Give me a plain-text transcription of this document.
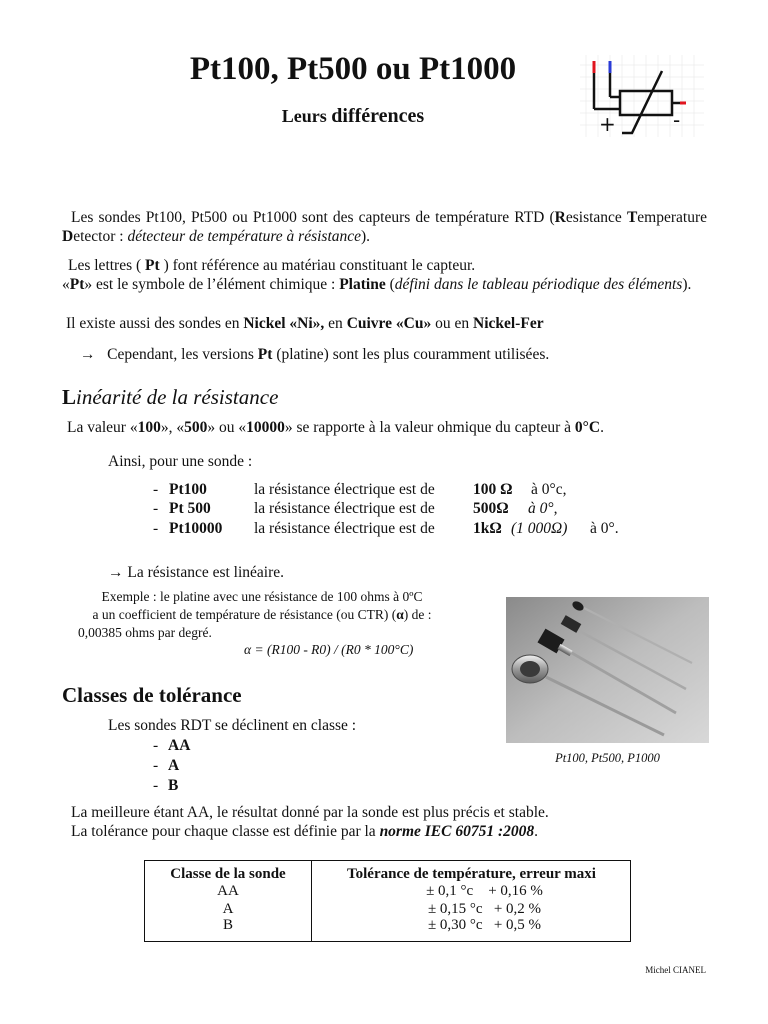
Pt100, Pt500 ou Pt1000
Leurs différences	+	-
Les sondes Pt100, Pt500 ou Pt1000 sont des capteurs de température RTD (Resistance Temperature Detector : détecteur de température à résistance).
Les lettres ( Pt ) font référence au matériau constituant le capteur.
«Pt» est le symbole de l’élément chimique : Platine (défini dans le tableau périodique des éléments).
Il existe aussi des sondes en Nickel «Ni», en Cuivre «Cu» ou en Nickel-Fer
→ Cependant, les versions Pt (platine) sont les plus couramment utilisées.
Linéarité de la résistance
La valeur «100», «500» ou «10000» se rapporte à la valeur ohmique du capteur à 0°C.
Ainsi, pour une sonde :
- Pt100	la résistance électrique est de 100 Ω à 0°c,
- Pt 500	la résistance électrique est de 500Ω à 0°,
- Pt10000 la résistance électrique est de 1kΩ (1 000Ω) à 0°.
→ La résistance est linéaire.
Exemple : le platine avec une résistance de 100 ohms à 0ºC
a un coefficient de température de résistance (ou CTR) (α) de :
0,00385 ohms par degré.
α = (R100 - R0) / (R0 * 100°C)
Pt100, Pt500, P1000
Classes de tolérance
Les sondes RDT se déclinent en classe :
- AA
- A
- B
La meilleure étant AA, le résultat donné par la sonde est plus précis et stable.
La tolérance pour chaque classe est définie par la norme IEC 60751 :2008.
Classe de la sonde	Tolérance de température, erreur maxi
AA	± 0,1 °c    + 0,16 %
A	± 0,15 °c   + 0,2 %
B	± 0,30 °c   + 0,5 %
Michel CIANEL
